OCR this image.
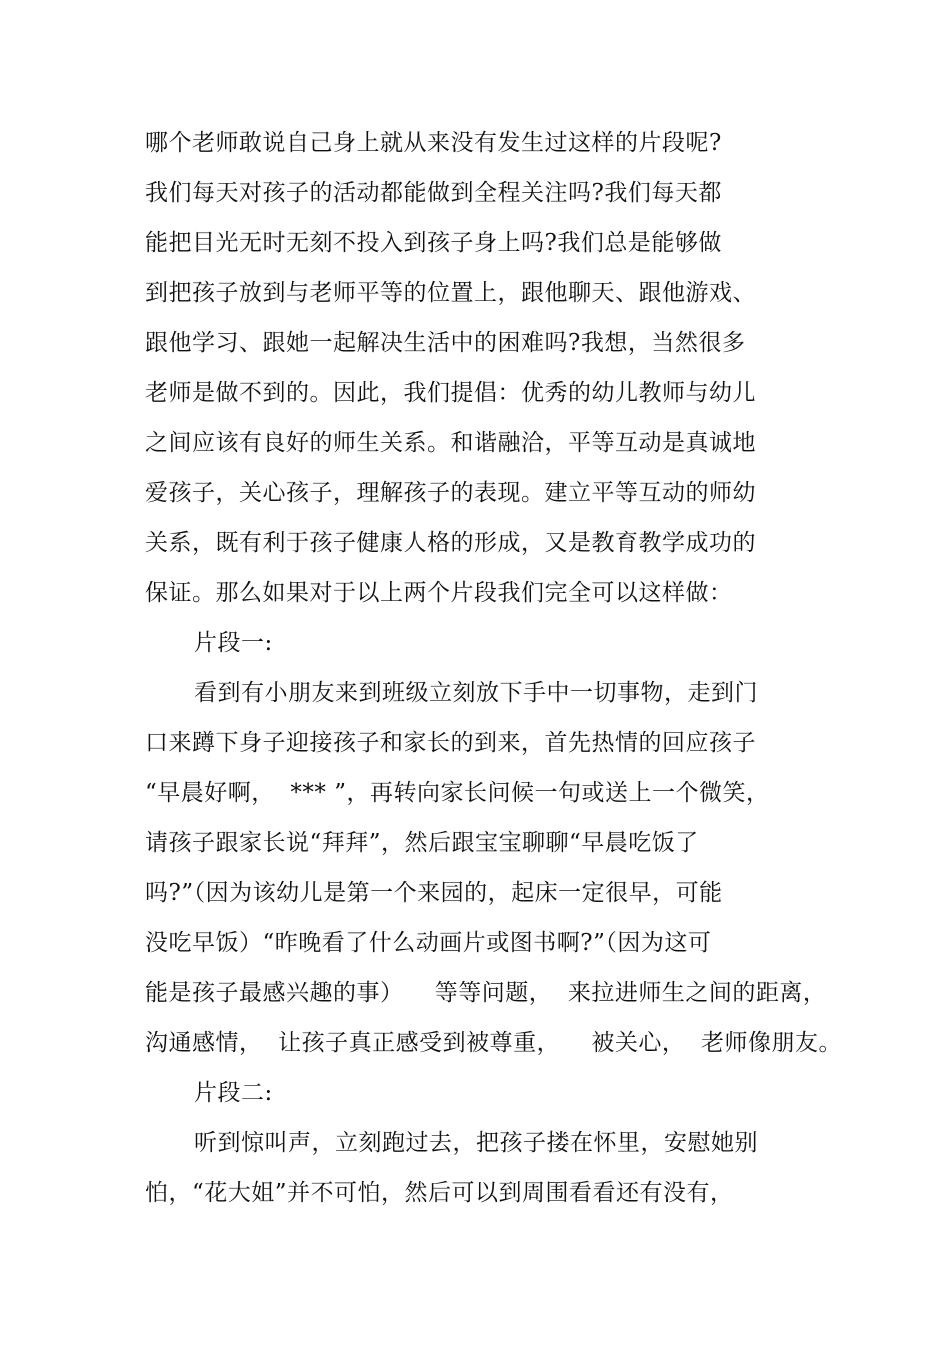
哪个老师敢说自己身上就从来没有发生过这样的片段呢?
我们每天对孩子的活动都能做到全程关注吗?我们每天都
能把目光无时无刻不投入到孩子身上吗?我们总是能够做
到把孩子放到与老师平等的位置上，跟他聊天、跟他游戏、
跟他学习、跟她一起解决生活中的困难吗?我想，当然很多
老师是做不到的。因此，我们提倡：优秀的幼儿教师与幼儿
之间应该有良好的师生关系。和谐融洽，平等互动是真诚地
爱孩子，关心孩子，理解孩子的表现。建立平等互动的师幼
关系，既有利于孩子健康人格的形成，又是教育教学成功的
保证。那么如果对于以上两个片段我们完全可以这样做：
片段一:
看到有小朋友来到班级立刻放下手中一切事物，走到门
口来蹲下身子迎接孩子和家长的到来，首先热情的回应孩子
“早晨好啊，  *** ”，再转向家长问候一句或送上一个微笑，
请孩子跟家长说“拜拜”，然后跟宝宝聊聊“早晨吃饭了
吗?”（因为该幼儿是第一个来园的，起床一定很早，可能
没吃早饭）“昨晚看了什么动画片或图书啊?”（因为这可
能是孩子最感兴趣的事）    等等问题，  来拉进师生之间的距离，
沟通感情，  让孩子真正感受到被尊重，    被关心，  老师像朋友。
片段二:
听到惊叫声，立刻跑过去，把孩子搂在怀里，安慰她别
怕，“花大姐”并不可怕，然后可以到周围看看还有没有，
